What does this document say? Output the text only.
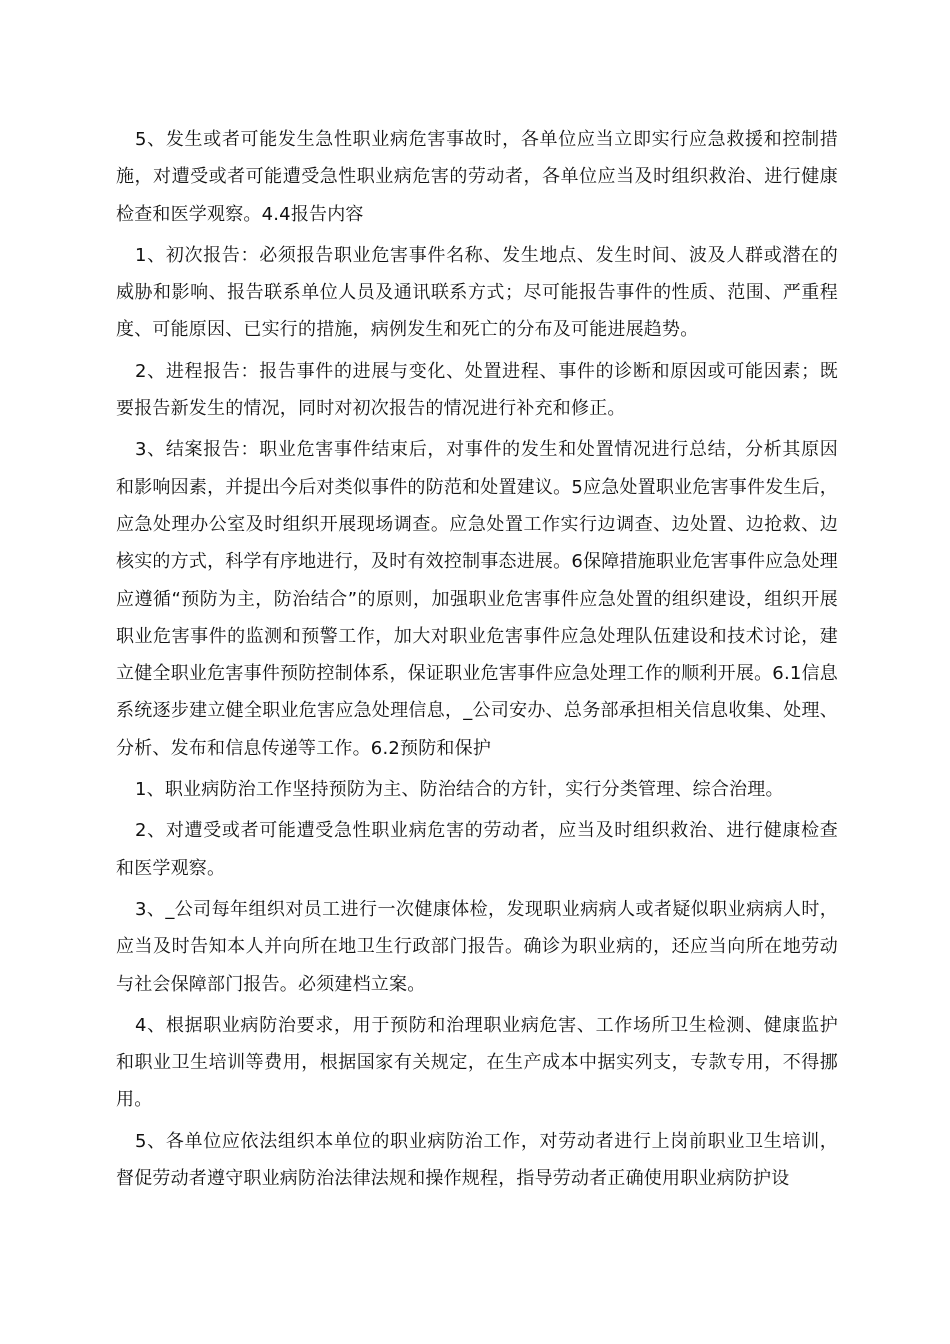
5、发生或者可能发生急性职业病危害事故时，各单位应当立即实行应急救援和控制措施，对遭受或者可能遭受急性职业病危害的劳动者，各单位应当及时组织救治、进行健康检查和医学观察。4.4报告内容

1、初次报告：必须报告职业危害事件名称、发生地点、发生时间、波及人群或潜在的威胁和影响、报告联系单位人员及通讯联系方式；尽可能报告事件的性质、范围、严重程度、可能原因、已实行的措施，病例发生和死亡的分布及可能进展趋势。

2、进程报告：报告事件的进展与变化、处置进程、事件的诊断和原因或可能因素；既要报告新发生的情况，同时对初次报告的情况进行补充和修正。

3、结案报告：职业危害事件结束后，对事件的发生和处置情况进行总结，分析其原因和影响因素，并提出今后对类似事件的防范和处置建议。5应急处置职业危害事件发生后，应急处理办公室及时组织开展现场调查。应急处置工作实行边调查、边处置、边抢救、边核实的方式，科学有序地进行，及时有效控制事态进展。6保障措施职业危害事件应急处理应遵循“预防为主，防治结合”的原则，加强职业危害事件应急处置的组织建设，组织开展职业危害事件的监测和预警工作，加大对职业危害事件应急处理队伍建设和技术讨论，建立健全职业危害事件预防控制体系，保证职业危害事件应急处理工作的顺利开展。6.1信息系统逐步建立健全职业危害应急处理信息，_公司安办、总务部承担相关信息收集、处理、分析、发布和信息传递等工作。6.2预防和保护

1、职业病防治工作坚持预防为主、防治结合的方针，实行分类管理、综合治理。

2、对遭受或者可能遭受急性职业病危害的劳动者，应当及时组织救治、进行健康检查和医学观察。

3、_公司每年组织对员工进行一次健康体检，发现职业病病人或者疑似职业病病人时，应当及时告知本人并向所在地卫生行政部门报告。确诊为职业病的，还应当向所在地劳动与社会保障部门报告。必须建档立案。

4、根据职业病防治要求，用于预防和治理职业病危害、工作场所卫生检测、健康监护和职业卫生培训等费用，根据国家有关规定，在生产成本中据实列支，专款专用，不得挪用。

5、各单位应依法组织本单位的职业病防治工作，对劳动者进行上岗前职业卫生培训，督促劳动者遵守职业病防治法律法规和操作规程，指导劳动者正确使用职业病防护设
